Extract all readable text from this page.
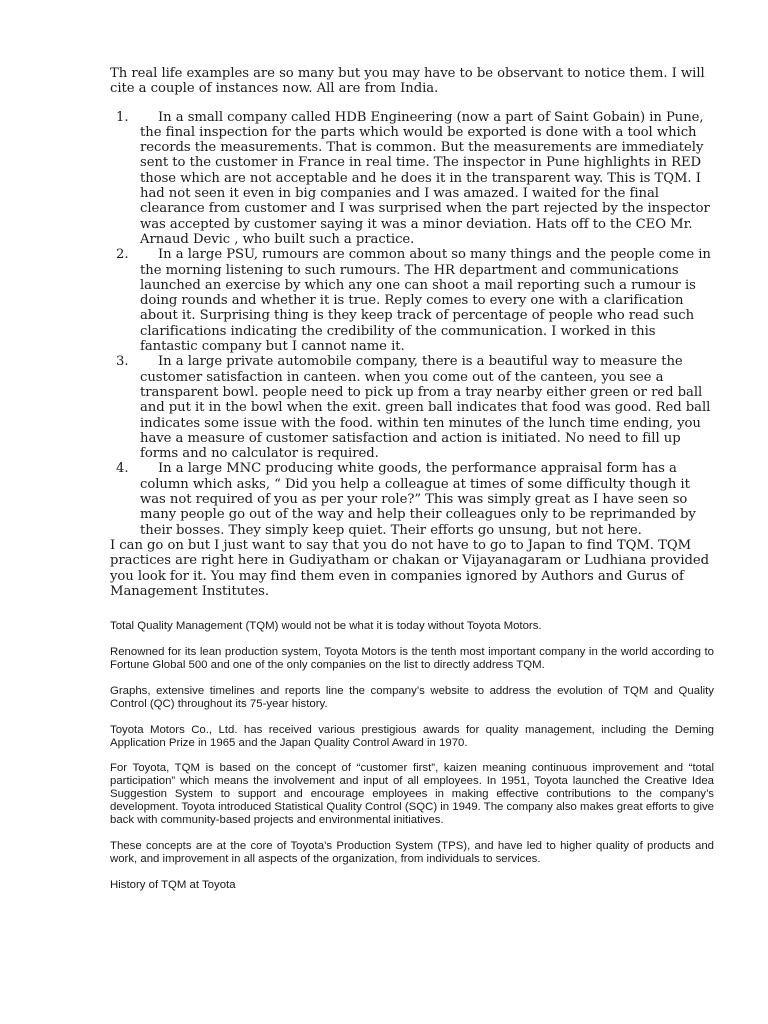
Th real life examples are so many but you may have to be observant to notice them. I will cite a couple of instances now. All are from India.

1. In a small company called HDB Engineering (now a part of Saint Gobain) in Pune, the final inspection for the parts which would be exported is done with a tool which records the measurements. That is common. But the measurements are immediately sent to the customer in France in real time. The inspector in Pune highlights in RED those which are not acceptable and he does it in the transparent way. This is TQM. I had not seen it even in big companies and I was amazed. I waited for the final clearance from customer and I was surprised when the part rejected by the inspector was accepted by customer saying it was a minor deviation. Hats off to the CEO Mr. Arnaud Devic , who built such a practice.
2. In a large PSU, rumours are common about so many things and the people come in the morning listening to such rumours. The HR department and communications launched an exercise by which any one can shoot a mail reporting such a rumour is doing rounds and whether it is true. Reply comes to every one with a clarification about it. Surprising thing is they keep track of percentage of people who read such clarifications indicating the credibility of the communication. I worked in this fantastic company but I cannot name it.
3. In a large private automobile company, there is a beautiful way to measure the customer satisfaction in canteen. when you come out of the canteen, you see a transparent bowl. people need to pick up from a tray nearby either green or red ball and put it in the bowl when the exit. green ball indicates that food was good. Red ball indicates some issue with the food. within ten minutes of the lunch time ending, you have a measure of customer satisfaction and action is initiated. No need to fill up forms and no calculator is required.
4. In a large MNC producing white goods, the performance appraisal form has a column which asks, “ Did you help a colleague at times of some difficulty though it was not required of you as per your role?” This was simply great as I have seen so many people go out of the way and help their colleagues only to be reprimanded by their bosses. They simply keep quiet. Their efforts go unsung, but not here.

I can go on but I just want to say that you do not have to go to Japan to find TQM. TQM practices are right here in Gudiyatham or chakan or Vijayanagaram or Ludhiana provided you look for it. You may find them even in companies ignored by Authors and Gurus of Management Institutes.

Total Quality Management (TQM) would not be what it is today without Toyota Motors.

Renowned for its lean production system, Toyota Motors is the tenth most important company in the world according to Fortune Global 500 and one of the only companies on the list to directly address TQM.

Graphs, extensive timelines and reports line the company’s website to address the evolution of TQM and Quality Control (QC) throughout its 75-year history.

Toyota Motors Co., Ltd. has received various prestigious awards for quality management, including the Deming Application Prize in 1965 and the Japan Quality Control Award in 1970.

For Toyota, TQM is based on the concept of “customer first”, kaizen meaning continuous improvement and “total participation” which means the involvement and input of all employees. In 1951, Toyota launched the Creative Idea Suggestion System to support and encourage employees in making effective contributions to the company’s development. Toyota introduced Statistical Quality Control (SQC) in 1949. The company also makes great efforts to give back with community-based projects and environmental initiatives.

These concepts are at the core of Toyota’s Production System (TPS), and have led to higher quality of products and work, and improvement in all aspects of the organization, from individuals to services.

History of TQM at Toyota
